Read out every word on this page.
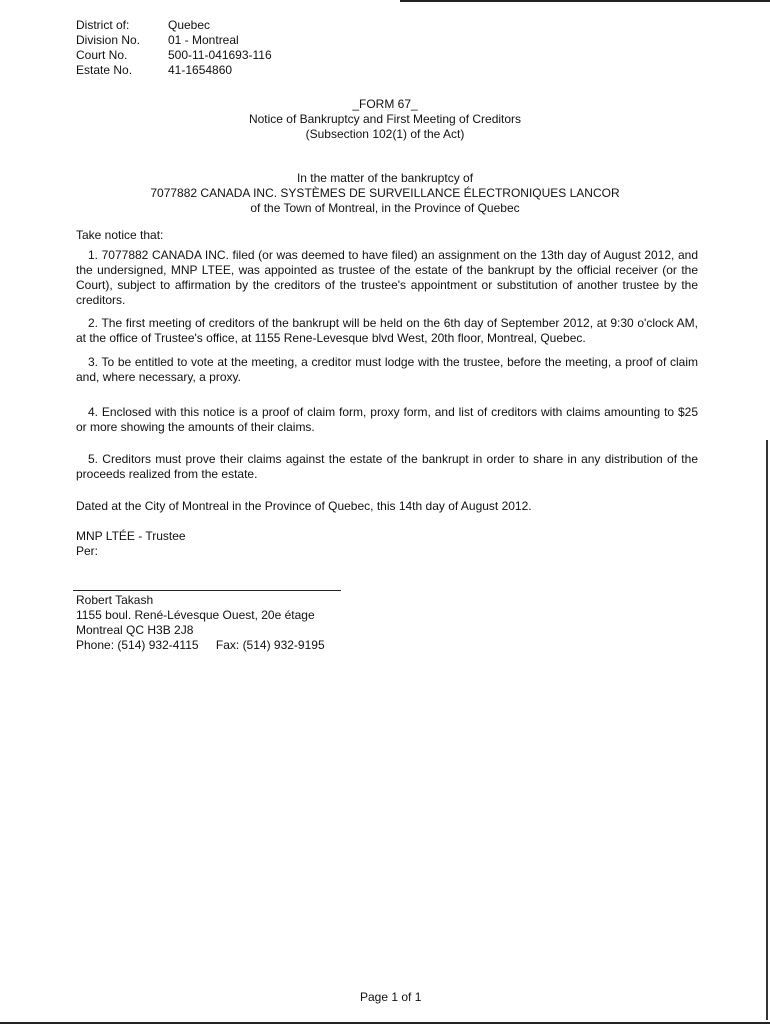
District of:	Quebec
Division No.	01 - Montreal
Court No.	500-11-041693-116
Estate No.	41-1654860
_FORM 67_
Notice of Bankruptcy and First Meeting of Creditors
(Subsection 102(1) of the Act)
In the matter of the bankruptcy of
7077882 CANADA INC. SYSTÈMES DE SURVEILLANCE ÉLECTRONIQUES LANCOR
of the Town of Montreal, in the Province of Quebec
Take notice that:

1. 7077882 CANADA INC. filed (or was deemed to have filed) an assignment on the 13th day of August 2012, and the undersigned, MNP LTEE, was appointed as trustee of the estate of the bankrupt by the official receiver (or the Court), subject to affirmation by the creditors of the trustee's appointment or substitution of another trustee by the creditors.

2. The first meeting of creditors of the bankrupt will be held on the 6th day of September 2012, at 9:30 o'clock AM, at the office of Trustee's office, at 1155 Rene-Levesque blvd West, 20th floor, Montreal, Quebec.

3. To be entitled to vote at the meeting, a creditor must lodge with the trustee, before the meeting, a proof of claim and, where necessary, a proxy.

4. Enclosed with this notice is a proof of claim form, proxy form, and list of creditors with claims amounting to $25 or more showing the amounts of their claims.

5. Creditors must prove their claims against the estate of the bankrupt in order to share in any distribution of the proceeds realized from the estate.

Dated at the City of Montreal in the Province of Quebec, this 14th day of August 2012.
MNP LTÉE - Trustee
Per:
Robert Takash
1155 boul. René-Lévesque Ouest, 20e étage
Montreal QC H3B 2J8
Phone: (514) 932-4115 Fax: (514) 932-9195
Page 1 of 1
